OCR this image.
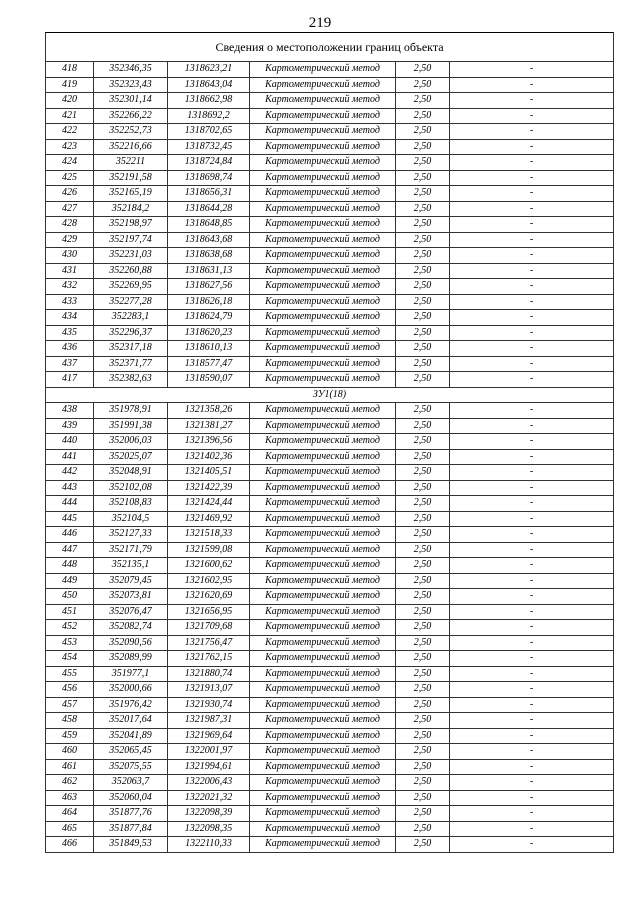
219
Сведения о местоположении границ объекта					
418	352346,35	1318623,21	Картометрический метод	2,50	-
419	352323,43	1318643,04	Картометрический метод	2,50	-
420	352301,14	1318662,98	Картометрический метод	2,50	-
421	352266,22	1318692,2	Картометрический метод	2,50	-
422	352252,73	1318702,65	Картометрический метод	2,50	-
423	352216,66	1318732,45	Картометрический метод	2,50	-
424	352211	1318724,84	Картометрический метод	2,50	-
425	352191,58	1318698,74	Картометрический метод	2,50	-
426	352165,19	1318656,31	Картометрический метод	2,50	-
427	352184,2	1318644,28	Картометрический метод	2,50	-
428	352198,97	1318648,85	Картометрический метод	2,50	-
429	352197,74	1318643,68	Картометрический метод	2,50	-
430	352231,03	1318638,68	Картометрический метод	2,50	-
431	352260,88	1318631,13	Картометрический метод	2,50	-
432	352269,95	1318627,56	Картометрический метод	2,50	-
433	352277,28	1318626,18	Картометрический метод	2,50	-
434	352283,1	1318624,79	Картометрический метод	2,50	-
435	352296,37	1318620,23	Картометрический метод	2,50	-
436	352317,18	1318610,13	Картометрический метод	2,50	-
437	352371,77	1318577,47	Картометрический метод	2,50	-
417	352382,63	1318590,07	Картометрический метод	2,50	-
ЗУ1(18)					
438	351978,91	1321358,26	Картометрический метод	2,50	-
439	351991,38	1321381,27	Картометрический метод	2,50	-
440	352006,03	1321396,56	Картометрический метод	2,50	-
441	352025,07	1321402,36	Картометрический метод	2,50	-
442	352048,91	1321405,51	Картометрический метод	2,50	-
443	352102,08	1321422,39	Картометрический метод	2,50	-
444	352108,83	1321424,44	Картометрический метод	2,50	-
445	352104,5	1321469,92	Картометрический метод	2,50	-
446	352127,33	1321518,33	Картометрический метод	2,50	-
447	352171,79	1321599,08	Картометрический метод	2,50	-
448	352135,1	1321600,62	Картометрический метод	2,50	-
449	352079,45	1321602,95	Картометрический метод	2,50	-
450	352073,81	1321620,69	Картометрический метод	2,50	-
451	352076,47	1321656,95	Картометрический метод	2,50	-
452	352082,74	1321709,68	Картометрический метод	2,50	-
453	352090,56	1321756,47	Картометрический метод	2,50	-
454	352089,99	1321762,15	Картометрический метод	2,50	-
455	351977,1	1321880,74	Картометрический метод	2,50	-
456	352000,66	1321913,07	Картометрический метод	2,50	-
457	351976,42	1321930,74	Картометрический метод	2,50	-
458	352017,64	1321987,31	Картометрический метод	2,50	-
459	352041,89	1321969,64	Картометрический метод	2,50	-
460	352065,45	1322001,97	Картометрический метод	2,50	-
461	352075,55	1321994,61	Картометрический метод	2,50	-
462	352063,7	1322006,43	Картометрический метод	2,50	-
463	352060,04	1322021,32	Картометрический метод	2,50	-
464	351877,76	1322098,39	Картометрический метод	2,50	-
465	351877,84	1322098,35	Картометрический метод	2,50	-
466	351849,53	1322110,33	Картометрический метод	2,50	-
